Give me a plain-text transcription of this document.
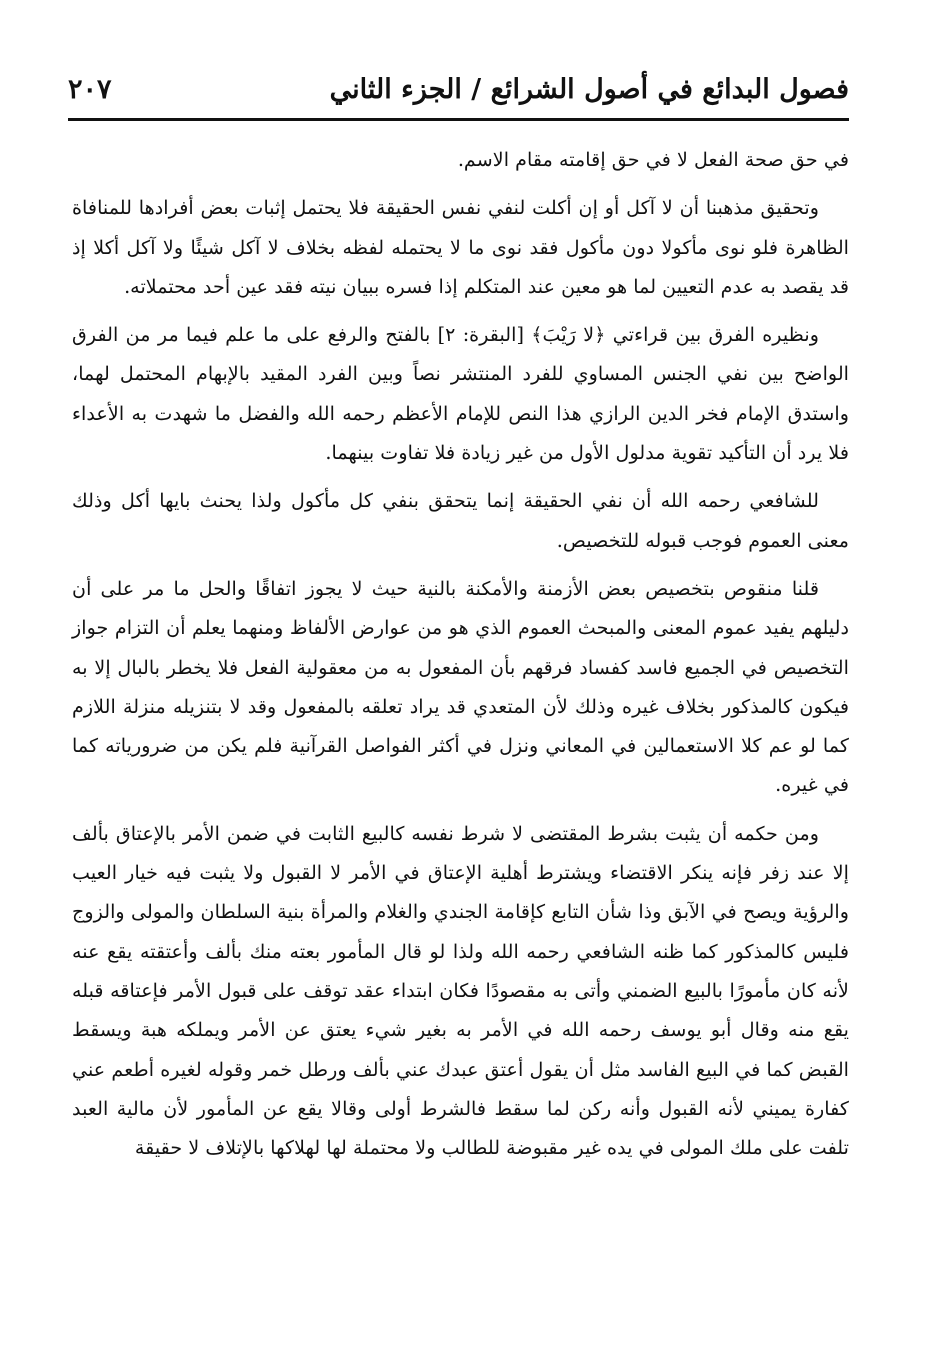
فصول البدائع في أصول الشرائع / الجزء الثاني
٢٠٧

في حق صحة الفعل لا في حق إقامته مقام الاسم.

وتحقيق مذهبنا أن لا آكل أو إن أكلت لنفي نفس الحقيقة فلا يحتمل إثبات بعض أفرادها للمنافاة الظاهرة فلو نوى مأكولا دون مأكول فقد نوى ما لا يحتمله لفظه بخلاف لا آكل شيئًا ولا آكل أكلا إذ قد يقصد به عدم التعيين لما هو معين عند المتكلم إذا فسره ببيان نيته فقد عين أحد محتملاته.

ونظيره الفرق بين قراءتي ﴿لا رَيْبَ﴾ [البقرة: ٢] بالفتح والرفع على ما علم فيما مر من الفرق الواضح بين نفي الجنس المساوي للفرد المنتشر نصاً وبين الفرد المقيد بالإبهام المحتمل لهما، واستدق الإمام فخر الدين الرازي هذا النص للإمام الأعظم رحمه الله والفضل ما شهدت به الأعداء فلا يرد أن التأكيد تقوية مدلول الأول من غير زيادة فلا تفاوت بينهما.

للشافعي رحمه الله أن نفي الحقيقة إنما يتحقق بنفي كل مأكول ولذا يحنث بايها أكل وذلك معنى العموم فوجب قبوله للتخصيص.

قلنا منقوص بتخصيص بعض الأزمنة والأمكنة بالنية حيث لا يجوز اتفاقًا والحل ما مر على أن دليلهم يفيد عموم المعنى والمبحث العموم الذي هو من عوارض الألفاظ ومنهما يعلم أن التزام جواز التخصيص في الجميع فاسد كفساد فرقهم بأن المفعول به من معقولية الفعل فلا يخطر بالبال إلا به فيكون كالمذكور بخلاف غيره وذلك لأن المتعدي قد يراد تعلقه بالمفعول وقد لا بتنزيله منزلة اللازم كما لو عم كلا الاستعمالين في المعاني ونزل في أكثر الفواصل القرآنية فلم يكن من ضرورياته كما في غيره.

ومن حكمه أن يثبت بشرط المقتضى لا شرط نفسه كالبيع الثابت في ضمن الأمر بالإعتاق بألف إلا عند زفر فإنه ينكر الاقتضاء ويشترط أهلية الإعتاق في الأمر لا القبول ولا يثبت فيه خيار العيب والرؤية ويصح في الآبق وذا شأن التابع كإقامة الجندي والغلام والمرأة بنية السلطان والمولى والزوج فليس كالمذكور كما ظنه الشافعي رحمه الله ولذا لو قال المأمور بعته منك بألف وأعتقته يقع عنه لأنه كان مأمورًا بالبيع الضمني وأتى به مقصودًا فكان ابتداء عقد توقف على قبول الأمر فإعتاقه قبله يقع منه وقال أبو يوسف رحمه الله في الأمر به بغير شيء يعتق عن الأمر ويملكه هبة ويسقط القبض كما في البيع الفاسد مثل أن يقول أعتق عبدك عني بألف ورطل خمر وقوله لغيره أطعم عني كفارة يميني لأنه القبول وأنه ركن لما سقط فالشرط أولى وقالا يقع عن المأمور لأن مالية العبد تلفت على ملك المولى في يده غير مقبوضة للطالب ولا محتملة لها لهلاكها بالإتلاف لا حقيقة
